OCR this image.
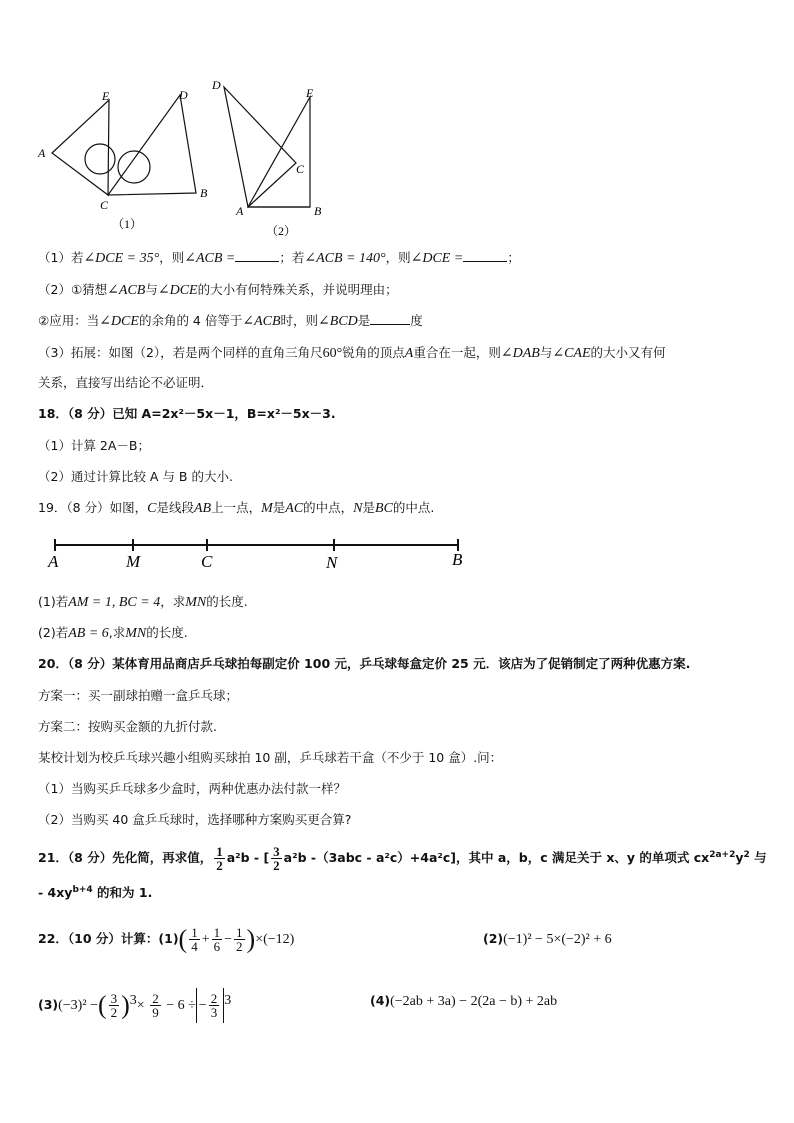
A
E	D
C
B
（1）
D
E
C
A	B
（2）
（1）若∠DCE = 35°，则∠ACB =	；若∠ACB = 140°，则∠DCE =	；
（2）①猜想∠ACB与∠DCE的大小有何特殊关系，并说明理由；
②应用：当∠DCE的余角的 4 倍等于∠ACB时，则∠BCD是	度
（3）拓展：如图（2），若是两个同样的直角三角尺60°锐角的顶点A重合在一起，则∠DAB与∠CAE的大小又有何
关系，直接写出结论不必证明．
18．（8 分）已知 A=2x²－5x－1，B=x²－5x－3.
（1）计算 2A－B；
（2）通过计算比较 A 与 B 的大小.
19．（8 分）如图，C是线段AB上一点，M是AC的中点，N是BC的中点.
A	M	C	N	B
(1)若AM = 1, BC = 4，求MN的长度.
(2)若AB = 6,求MN的长度.
20．（8 分）某体育用品商店乒乓球拍每副定价 100 元，乒乓球每盒定价 25 元．该店为了促销制定了两种优惠方案.
方案一：买一副球拍赠一盒乒乓球；
方案二：按购买金额的九折付款.
某校计划为校乒乓球兴趣小组购买球拍 10 副，乒乓球若干盒（不少于 10 盒）.问：
（1）当购买乒乓球多少盒时，两种优惠办法付款一样？
（2）当购买 40 盒乒乓球时，选择哪种方案购买更合算?
21．（8 分）先化简，再求值， $\frac{1}{2} a^2b$ - [ $\frac{3}{2} a^2b$ -（3abc - a²c）+4a²c]，其中 a，b，c 满足关于 x、y 的单项式 $cx^{2a+2}y^2$ 与
- $4xy^{b+4}$ 的和为 1.
22．（10 分）计算：$(1)( \frac{1}{4} + \frac{1}{6} - \frac{1}{2} )\times(-12)$	(2)(−1)² − 5×(−2)² + 6
(3)(−3)² −( $\frac{3}{2} )^3\times \frac{2}{9} - 6$ ÷ − $\frac{2}{3} ^3$	(4)(−2ab + 3a) − 2(2a − b) + 2ab
